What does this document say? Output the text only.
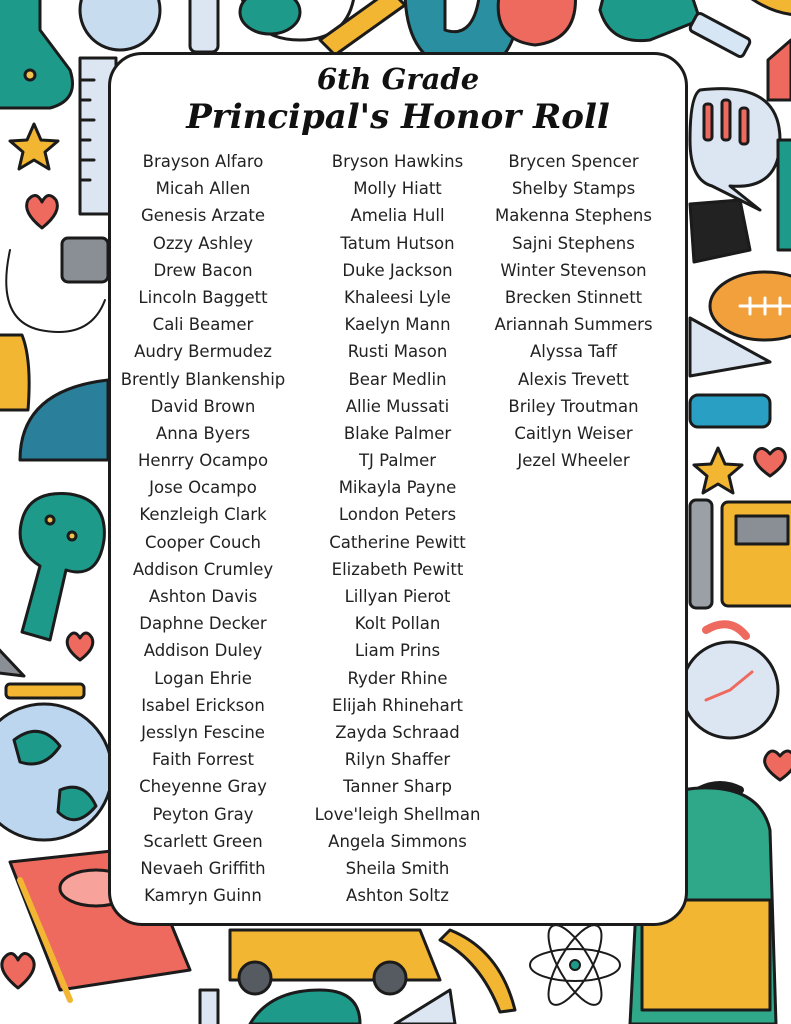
6th Grade
Principal's Honor Roll
Brayson Alfaro
Micah Allen
Genesis Arzate
Ozzy Ashley
Drew Bacon
Lincoln Baggett
Cali Beamer
Audry Bermudez
Brently Blankenship
David Brown
Anna Byers
Henrry Ocampo
Jose Ocampo
Kenzleigh Clark
Cooper Couch
Addison Crumley
Ashton Davis
Daphne Decker
Addison Duley
Logan Ehrie
Isabel Erickson
Jesslyn Fescine
Faith Forrest
Cheyenne Gray
Peyton Gray
Scarlett Green
Nevaeh Griffith
Kamryn Guinn
Bryson Hawkins
Molly Hiatt
Amelia Hull
Tatum Hutson
Duke Jackson
Khaleesi Lyle
Kaelyn Mann
Rusti Mason
Bear Medlin
Allie Mussati
Blake Palmer
TJ Palmer
Mikayla Payne
London Peters
Catherine Pewitt
Elizabeth Pewitt
Lillyan Pierot
Kolt Pollan
Liam Prins
Ryder Rhine
Elijah Rhinehart
Zayda Schraad
Rilyn Shaffer
Tanner Sharp
Love'leigh Shellman
Angela Simmons
Sheila Smith
Ashton Soltz
Brycen Spencer
Shelby Stamps
Makenna Stephens
Sajni Stephens
Winter Stevenson
Brecken Stinnett
Ariannah Summers
Alyssa Taff
Alexis Trevett
Briley Troutman
Caitlyn Weiser
Jezel Wheeler
